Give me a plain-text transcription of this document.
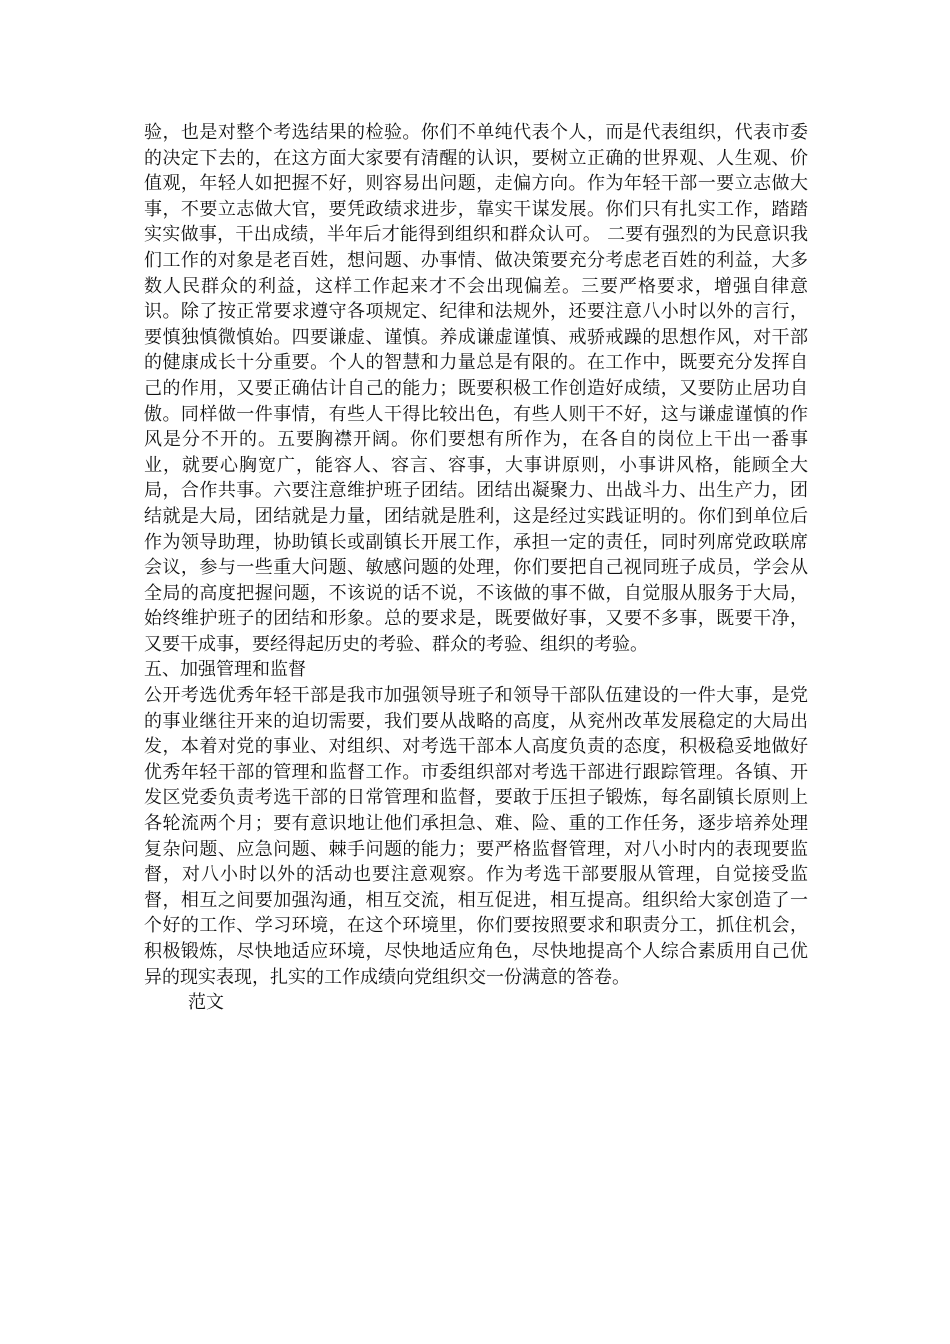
验，也是对整个考选结果的检验。你们不单纯代表个人，而是代表组织，代表市委的决定下去的，在这方面大家要有清醒的认识，要树立正确的世界观、人生观、价值观，年轻人如把握不好，则容易出问题，走偏方向。作为年轻干部一要立志做大事，不要立志做大官，要凭政绩求进步，靠实干谋发展。你们只有扎实工作，踏踏实实做事，干出成绩，半年后才能得到组织和群众认可。 二要有强烈的为民意识我们工作的对象是老百姓，想问题、办事情、做决策要充分考虑老百姓的利益，大多数人民群众的利益，这样工作起来才不会出现偏差。三要严格要求，增强自律意识。除了按正常要求遵守各项规定、纪律和法规外，还要注意八小时以外的言行，要慎独慎微慎始。四要谦虚、谨慎。养成谦虚谨慎、戒骄戒躁的思想作风，对干部的健康成长十分重要。个人的智慧和力量总是有限的。在工作中，既要充分发挥自己的作用，又要正确估计自己的能力；既要积极工作创造好成绩，又要防止居功自傲。同样做一件事情，有些人干得比较出色，有些人则干不好，这与谦虚谨慎的作风是分不开的。五要胸襟开阔。你们要想有所作为，在各自的岗位上干出一番事业，就要心胸宽广，能容人、容言、容事，大事讲原则，小事讲风格，能顾全大局，合作共事。六要注意维护班子团结。团结出凝聚力、出战斗力、出生产力，团结就是大局，团结就是力量，团结就是胜利，这是经过实践证明的。你们到单位后作为领导助理，协助镇长或副镇长开展工作，承担一定的责任，同时列席党政联席会议，参与一些重大问题、敏感问题的处理，你们要把自己视同班子成员，学会从全局的高度把握问题，不该说的话不说，不该做的事不做，自觉服从服务于大局，始终维护班子的团结和形象。总的要求是，既要做好事，又要不多事，既要干净，又要干成事，要经得起历史的考验、群众的考验、组织的考验。

五、加强管理和监督

公开考选优秀年轻干部是我市加强领导班子和领导干部队伍建设的一件大事，是党的事业继往开来的迫切需要，我们要从战略的高度，从兖州改革发展稳定的大局出发，本着对党的事业、对组织、对考选干部本人高度负责的态度，积极稳妥地做好优秀年轻干部的管理和监督工作。市委组织部对考选干部进行跟踪管理。各镇、开发区党委负责考选干部的日常管理和监督，要敢于压担子锻炼，每名副镇长原则上各轮流两个月；要有意识地让他们承担急、难、险、重的工作任务，逐步培养处理复杂问题、应急问题、棘手问题的能力；要严格监督管理，对八小时内的表现要监督，对八小时以外的活动也要注意观察。作为考选干部要服从管理，自觉接受监督，相互之间要加强沟通，相互交流，相互促进，相互提高。组织给大家创造了一个好的工作、学习环境，在这个环境里，你们要按照要求和职责分工，抓住机会，积极锻炼，尽快地适应环境，尽快地适应角色，尽快地提高个人综合素质用自己优异的现实表现，扎实的工作成绩向党组织交一份满意的答卷。

范文
